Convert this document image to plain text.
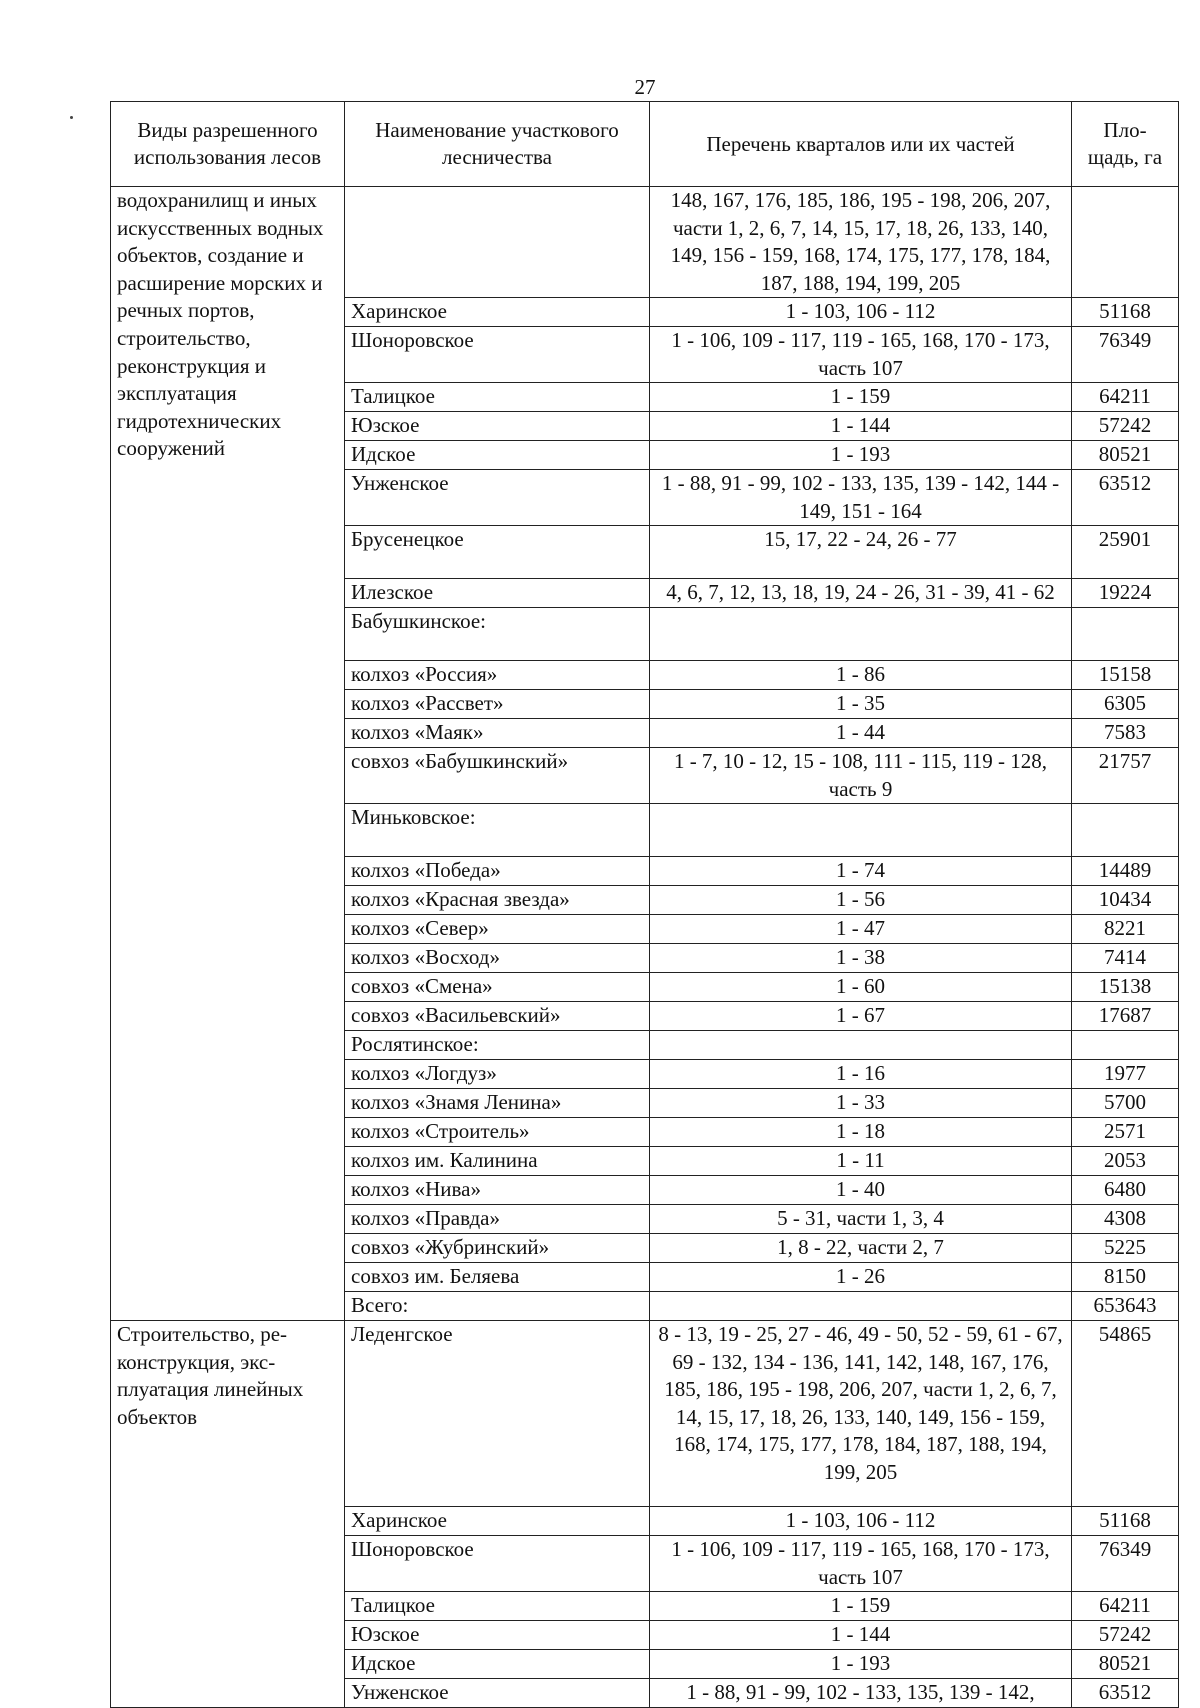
27
Виды разрешенного использования лесов	Наименование участкового лесничества	Перечень кварталов или их частей	Пло-щадь, га
водохранилищ и иных искусственных водных объектов, создание и расширение морских и речных портов, строительство, реконструкция и эксплуатация гидротехнических сооружений		148, 167, 176, 185, 186, 195 - 198, 206, 207, части 1, 2, 6, 7, 14, 15, 17, 18, 26, 133, 140, 149, 156 - 159, 168, 174, 175, 177, 178, 184, 187, 188, 194, 199, 205	
	Харинское	1 - 103, 106 - 112	51168
	Шоноровское	1 - 106, 109 - 117, 119 - 165, 168, 170 - 173, часть 107	76349
	Талицкое	1 - 159	64211
	Юзское	1 - 144	57242
	Идское	1 - 193	80521
	Унженское	1 - 88, 91 - 99, 102 - 133, 135, 139 - 142, 144 - 149, 151 - 164	63512
	Брусенецкое	15, 17, 22 - 24, 26 - 77	25901
	Илезское	4, 6, 7, 12, 13, 18, 19, 24 - 26, 31 - 39, 41 - 62	19224
	Бабушкинское:		
	колхоз «Россия»	1 - 86	15158
	колхоз «Рассвет»	1 - 35	6305
	колхоз «Маяк»	1 - 44	7583
	совхоз «Бабушкинский»	1 - 7, 10 - 12, 15 - 108, 111 - 115, 119 - 128, часть 9	21757
	Миньковское:		
	колхоз «Победа»	1 - 74	14489
	колхоз «Красная звезда»	1 - 56	10434
	колхоз «Север»	1 - 47	8221
	колхоз «Восход»	1 - 38	7414
	совхоз «Смена»	1 - 60	15138
	совхоз «Васильевский»	1 - 67	17687
	Рослятинское:		
	колхоз «Логдуз»	1 - 16	1977
	колхоз «Знамя Ленина»	1 - 33	5700
	колхоз «Строитель»	1 - 18	2571
	колхоз им. Калинина	1 - 11	2053
	колхоз «Нива»	1 - 40	6480
	колхоз «Правда»	5 - 31, части 1, 3, 4	4308
	совхоз «Жубринский»	1, 8 - 22, части 2, 7	5225
	совхоз им. Беляева	1 - 26	8150
	Всего:		653643
Строительство, ре-конструкция, экс-плуатация линейных объектов	Леденгское	8 - 13, 19 - 25, 27 - 46, 49 - 50, 52 - 59, 61 - 67, 69 - 132, 134 - 136, 141, 142, 148, 167, 176, 185, 186, 195 - 198, 206, 207, части 1, 2, 6, 7, 14, 15, 17, 18, 26, 133, 140, 149, 156 - 159, 168, 174, 175, 177, 178, 184, 187, 188, 194, 199, 205	54865
	Харинское	1 - 103, 106 - 112	51168
	Шоноровское	1 - 106, 109 - 117, 119 - 165, 168, 170 - 173, часть 107	76349
	Талицкое	1 - 159	64211
	Юзское	1 - 144	57242
	Идское	1 - 193	80521
	Унженское	1 - 88, 91 - 99, 102 - 133, 135, 139 - 142,	63512
